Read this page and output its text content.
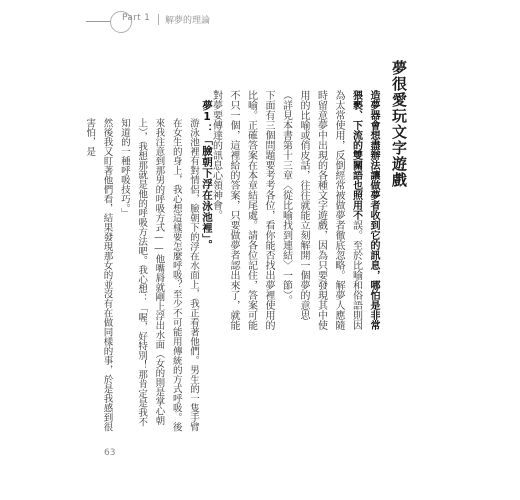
Part 1 解夢的理論
夢很愛玩文字遊戲

造夢器會想盡辦法讓做夢者收到它的訊息，哪怕是非常猥褻、下流的雙關語也照用不誤。至於比喻和俗語則因為太常使用，反倒經常被做夢者徹底忽略。解夢人應隨時留意夢中出現的各種文字遊戲，因為只要發現其中使用的比喻或俏皮話，往往就能立刻解開一個夢的意思（詳見本書第十三章〈從比喻找到連結〉一節）。

下面有三個問題要考考各位，看你能否找出夢裡使用的比喻。正確答案在本章結尾處。請各位記住，答案可能不只一個，這裡給的答案，只要做夢者認出來了，就能對夢要傳達的訊息心領神會。

夢1：「臉朝下浮在泳池裡」。

游泳池裡有對情侶，臉朝下的浮在水面上，我正看著他們。男生的一隻手臂在女生的身上，我心想這樣要怎麼呼吸？至少不可能用傳統的方式呼吸。後來我注意到那男的呼吸方式——他嘴脣就剛上浮出水面（女的則是掌心朝上），我想那就是他的呼吸方法吧。我心想：「喔，好特別！那肯定是我不知道的一種呼吸技巧。」

然後我又盯著他們看，結果發現那女的並沒有在做同樣的事，於是我感到很害怕，是

63
